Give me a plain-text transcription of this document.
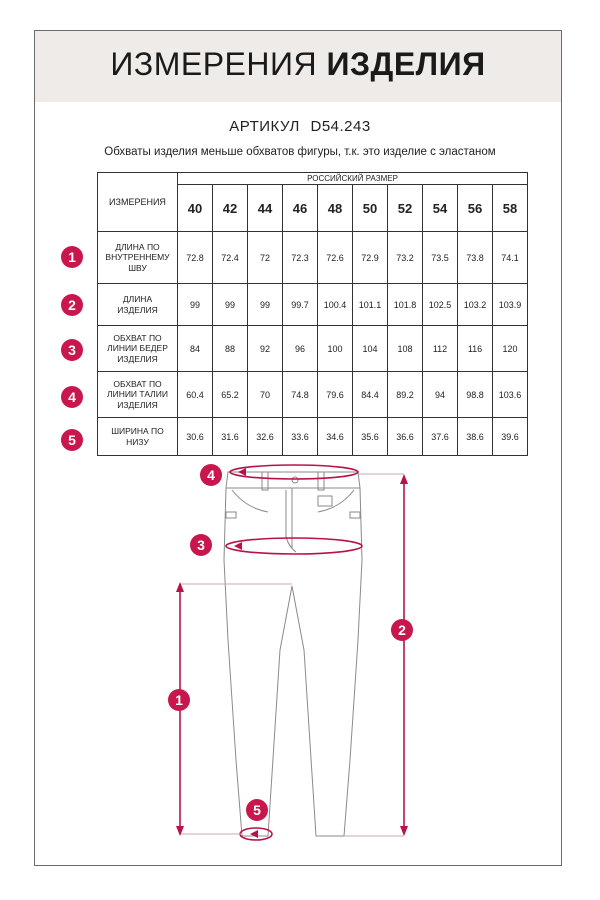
ИЗМЕРЕНИЯ ИЗДЕЛИЯ
АРТИКУЛ D54.243
Обхваты изделия меньше обхватов фигуры, т.к. это изделие с эластаном
ИЗМЕРЕНИЯ	РОССИЙСКИЙ РАЗМЕР									
	40	42	44	46	48	50	52	54	56	58
ДЛИНА ПО ВНУТРЕННЕМУ ШВУ	72.8	72.4	72	72.3	72.6	72.9	73.2	73.5	73.8	74.1
ДЛИНА ИЗДЕЛИЯ	99	99	99	99.7	100.4	101.1	101.8	102.5	103.2	103.9
ОБХВАТ ПО ЛИНИИ БЕДЕР ИЗДЕЛИЯ	84	88	92	96	100	104	108	112	116	120
ОБХВАТ ПО ЛИНИИ ТАЛИИ ИЗДЕЛИЯ	60.4	65.2	70	74.8	79.6	84.4	89.2	94	98.8	103.6
ШИРИНА ПО НИЗУ	30.6	31.6	32.6	33.6	34.6	35.6	36.6	37.6	38.6	39.6
1
2
3
4
5
4
3
2
1
5
